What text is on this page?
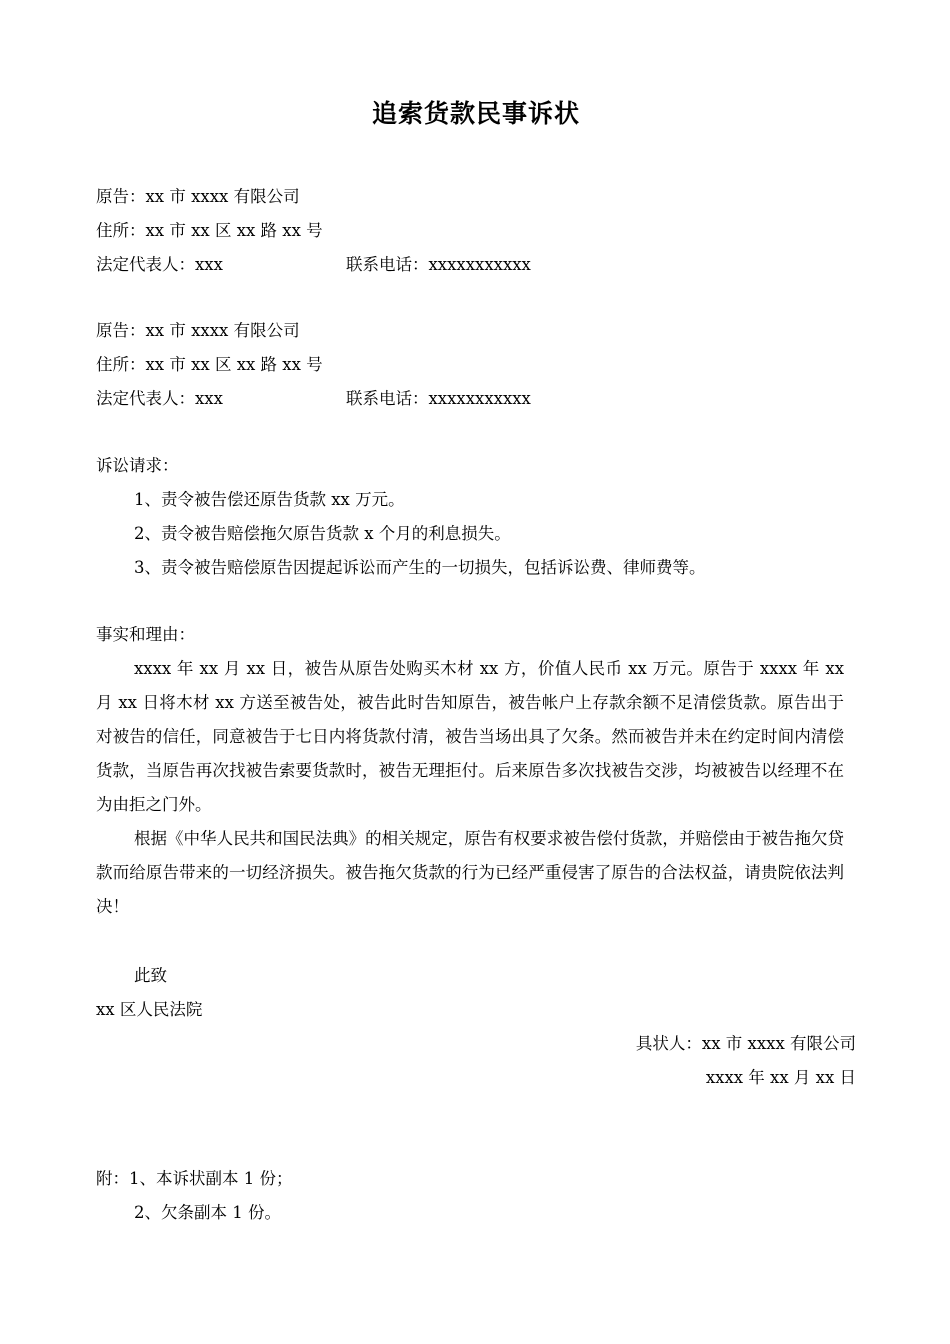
追索货款民事诉状
原告：xx 市 xxxx 有限公司
住所：xx 市 xx 区 xx 路 xx 号
法定代表人：xxx	联系电话：xxxxxxxxxxx
原告：xx 市 xxxx 有限公司
住所：xx 市 xx 区 xx 路 xx 号
法定代表人：xxx	联系电话：xxxxxxxxxxx
诉讼请求：
1、责令被告偿还原告货款 xx 万元。
2、责令被告赔偿拖欠原告货款 x 个月的利息损失。
3、责令被告赔偿原告因提起诉讼而产生的一切损失，包括诉讼费、律师费等。
事实和理由：
xxxx 年 xx 月 xx 日，被告从原告处购买木材 xx 方，价值人民币 xx 万元。原告于 xxxx 年 xx 月 xx 日将木材 xx 方送至被告处，被告此时告知原告，被告帐户上存款余额不足清偿货款。原告出于对被告的信任，同意被告于七日内将货款付清，被告当场出具了欠条。然而被告并未在约定时间内清偿货款，当原告再次找被告索要货款时，被告无理拒付。后来原告多次找被告交涉，均被被告以经理不在为由拒之门外。
根据《中华人民共和国民法典》的相关规定，原告有权要求被告偿付货款，并赔偿由于被告拖欠贷款而给原告带来的一切经济损失。被告拖欠货款的行为已经严重侵害了原告的合法权益，请贵院依法判决！
此致
xx 区人民法院
具状人：xx 市 xxxx 有限公司
xxxx 年 xx 月 xx 日
附：1、本诉状副本 1 份；
2、欠条副本 1 份。
